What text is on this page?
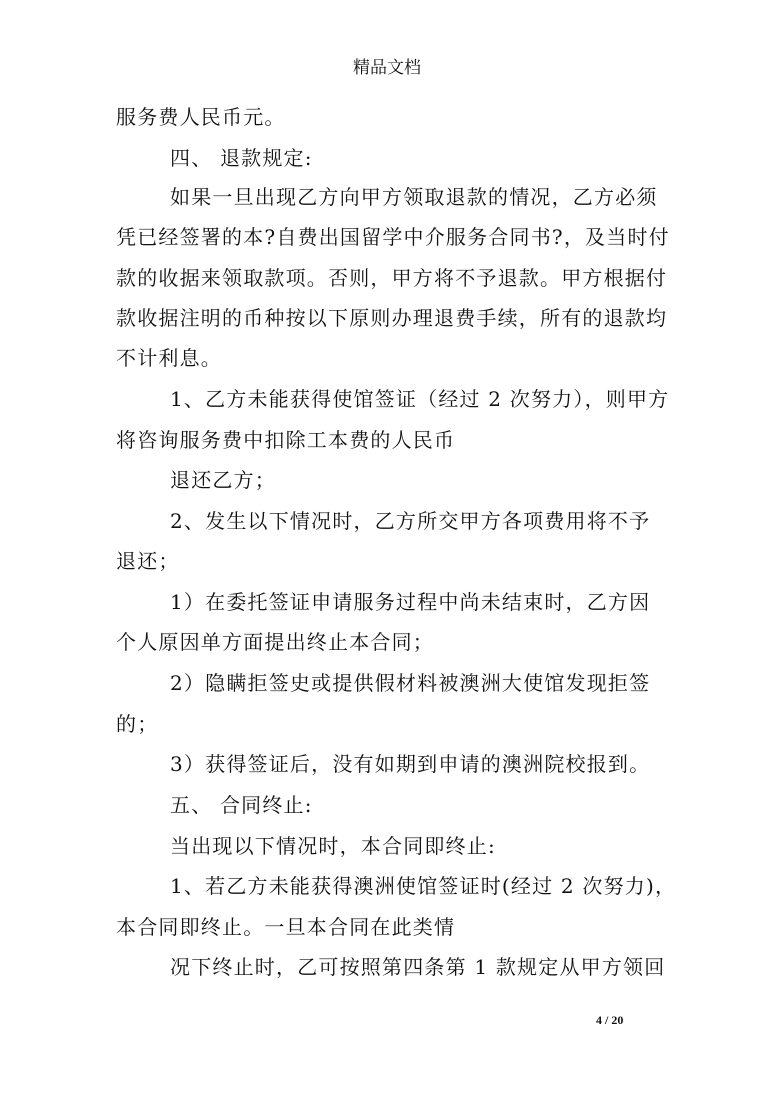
精品文档
服务费人民币元。
四、 退款规定:
如果一旦出现乙方向甲方领取退款的情况，乙方必须
凭已经签署的本?自费出国留学中介服务合同书?，及当时付
款的收据来领取款项。否则，甲方将不予退款。甲方根据付
款收据注明的币种按以下原则办理退费手续，所有的退款均
不计利息。
1、乙方未能获得使馆签证（经过 2 次努力），则甲方
将咨询服务费中扣除工本费的人民币
退还乙方；
2、发生以下情况时，乙方所交甲方各项费用将不予
退还；
1）在委托签证申请服务过程中尚未结束时，乙方因
个人原因单方面提出终止本合同；
2）隐瞒拒签史或提供假材料被澳洲大使馆发现拒签
的；
3）获得签证后，没有如期到申请的澳洲院校报到。
五、 合同终止:
当出现以下情况时，本合同即终止:
1、若乙方未能获得澳洲使馆签证时(经过 2 次努力)，
本合同即终止。一旦本合同在此类情
况下终止时，乙可按照第四条第 1 款规定从甲方领回
4 / 20
